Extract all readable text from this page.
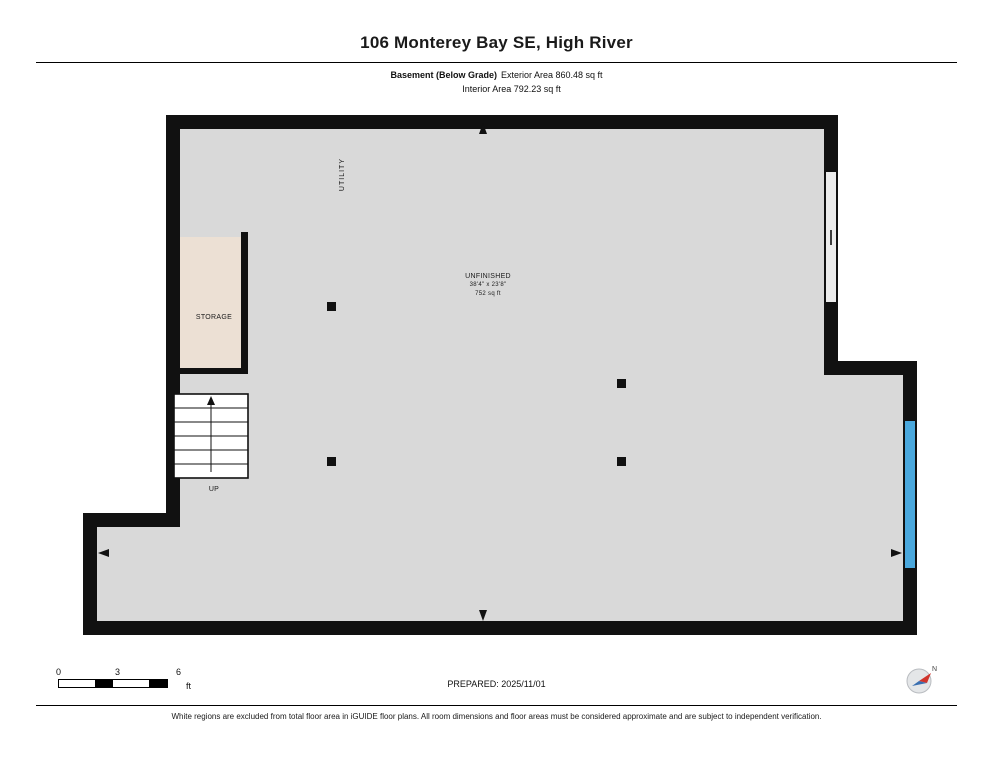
106 Monterey Bay SE, High River
Basement (Below Grade) Exterior Area 860.48 sq ft
Interior Area 792.23 sq ft
UTILITY
UNFINISHED
38'4" x 23'8"
752 sq ft
STORAGE
UP
0	3	6
ft	PREPARED: 2025/11/01
N
White regions are excluded from total floor area in iGUIDE floor plans. All room dimensions and floor areas must be considered approximate and are subject to independent verification.
